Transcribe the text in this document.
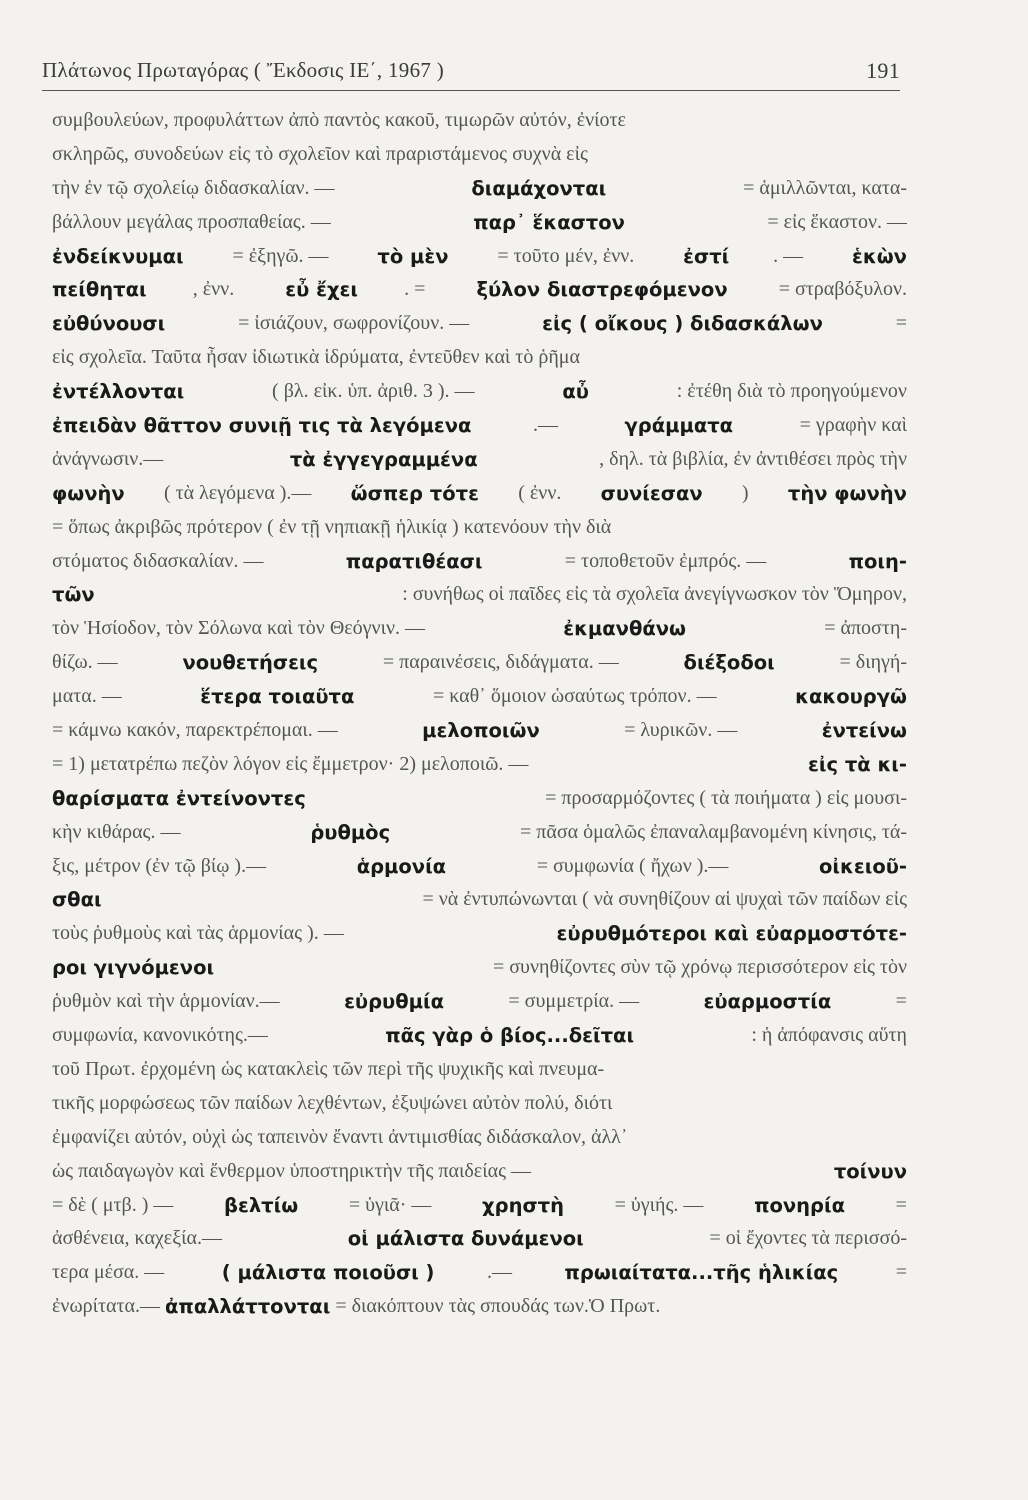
Πλάτωνος Πρωταγόρας ( Ἔκδοσις ΙΕ΄, 1967 )	191
συμβουλεύων, προφυλάττων ἀπὸ παντὸς κακοῦ, τιμωρῶν αὐτόν, ἐνίοτε
σκληρῶς, συνοδεύων εἰς τὸ σχολεῖον καὶ πραριστάμενος συχνὰ εἰς
τὴν ἐν τῷ σχολείῳ διδασκαλίαν. —	διαμάχονται	= ἁμιλλῶνται, κατα-
βάλλουν μεγάλας προσπαθείας. —	παρ᾽ ἕκαστον	= εἰς ἕκαστον. —
ἐνδείκνυμαι = ἐξηγῶ. — τὸ μὲν = τοῦτο μέν, ἐνν. ἐστί . — ἑκὼν
πείθηται , ἐνν. εὖ ἔχει . = ξύλον διαστρεφόμενον = στραβόξυλον.
εὐθύνουσι	= ἰσιάζουν, σωφρονίζουν. —	εἰς ( οἴκους ) διδασκάλων	=
εἰς σχολεῖα. Ταῦτα ἦσαν ἰδιωτικὰ ἱδρύματα, ἐντεῦθεν καὶ τὸ ῥῆμα
ἐντέλλονται	( βλ. εἰκ. ὑπ. ἀριθ. 3 ). —	αὖ	: ἐτέθη διὰ τὸ προηγούμενον
ἐπειδὰν θᾶττον συνιῇ τις τὰ λεγόμενα	.—	γράμματα	= γραφὴν καὶ
ἀνάγνωσιν.—	τὰ ἐγγεγραμμένα	, δηλ. τὰ βιβλία, ἐν ἀντιθέσει πρὸς τὴν
φωνὴν ( τὰ λεγόμενα ).— ὥσπερ τότε ( ἐνν. συνίεσαν ) τὴν φωνὴν
= ὅπως ἀκριβῶς πρότερον ( ἐν τῇ νηπιακῇ ἡλικίᾳ ) κατενόουν τὴν διὰ
στόματος διδασκαλίαν. —	παρατιθέασι	= τοποθετοῦν ἐμπρός. —	ποιη-
τῶν	: συνήθως οἱ παῖδες εἰς τὰ σχολεῖα ἀνεγίγνωσκον τὸν Ὅμηρον,
τὸν Ἡσίοδον, τὸν Σόλωνα καὶ τὸν Θεόγνιν. —	ἐκμανθάνω	= ἀποστη-
θίζω. —	νουθετήσεις	= παραινέσεις, διδάγματα. —	διέξοδοι	= διηγή-
ματα. —	ἕτερα τοιαῦτα	= καθ᾽ ὅμοιον ὡσαύτως τρόπον. —	κακουργῶ
= κάμνω κακόν, παρεκτρέπομαι. —	μελοποιῶν	= λυρικῶν. —	ἐντείνω
= 1) μετατρέπω πεζὸν λόγον εἰς ἔμμετρον· 2) μελοποιῶ. —	εἰς τὰ κι-
θαρίσματα ἐντείνοντες	= προσαρμόζοντες ( τὰ ποιήματα ) εἰς μουσι-
κὴν κιθάρας. —	ῥυθμὸς	= πᾶσα ὁμαλῶς ἐπαναλαμβανομένη κίνησις, τά-
ξις, μέτρον (ἐν τῷ βίῳ ).—	ἁρμονία	= συμφωνία ( ἤχων ).—	οἰκειοῦ-
σθαι	= νὰ ἐντυπώνωνται ( νὰ συνηθίζουν αἱ ψυχαὶ τῶν παίδων εἰς
τοὺς ῥυθμοὺς καὶ τὰς ἁρμονίας ). —	εὐρυθμότεροι καὶ εὐαρμοστότε-
ροι γιγνόμενοι	= συνηθίζοντες σὺν τῷ χρόνῳ περισσότερον εἰς τὸν
ῥυθμὸν καὶ τὴν ἁρμονίαν.—	εὐρυθμία	= συμμετρία. —	εὐαρμοστία	=
συμφωνία, κανονικότης.—	πᾶς γὰρ ὁ βίος...δεῖται	: ἡ ἀπόφανσις αὕτη
τοῦ Πρωτ. ἐρχομένη ὡς κατακλεὶς τῶν περὶ τῆς ψυχικῆς καὶ πνευμα-
τικῆς μορφώσεως τῶν παίδων λεχθέντων, ἐξυψώνει αὐτὸν πολύ, διότι
ἐμφανίζει αὐτόν, οὐχὶ ὡς ταπεινὸν ἔναντι ἀντιμισθίας διδάσκαλον, ἀλλ᾽
ὡς παιδαγωγὸν καὶ ἔνθερμον ὑποστηρικτὴν τῆς παιδείας —	τοίνυν
= δὲ ( μτβ. ) — βελτίω = ὑγιᾶ· — χρηστὴ = ὑγιής. — πονηρία =
ἀσθένεια, καχεξία.—	οἱ μάλιστα δυνάμενοι	= οἱ ἔχοντες τὰ περισσό-
τερα μέσα. —	( μάλιστα ποιοῦσι )	.—	πρωιαίτατα...τῆς ἡλικίας	=
ἐνωρίτατα.— ἀπαλλάττονται = διακόπτουν τὰς σπουδάς των.Ὁ Πρωτ.
